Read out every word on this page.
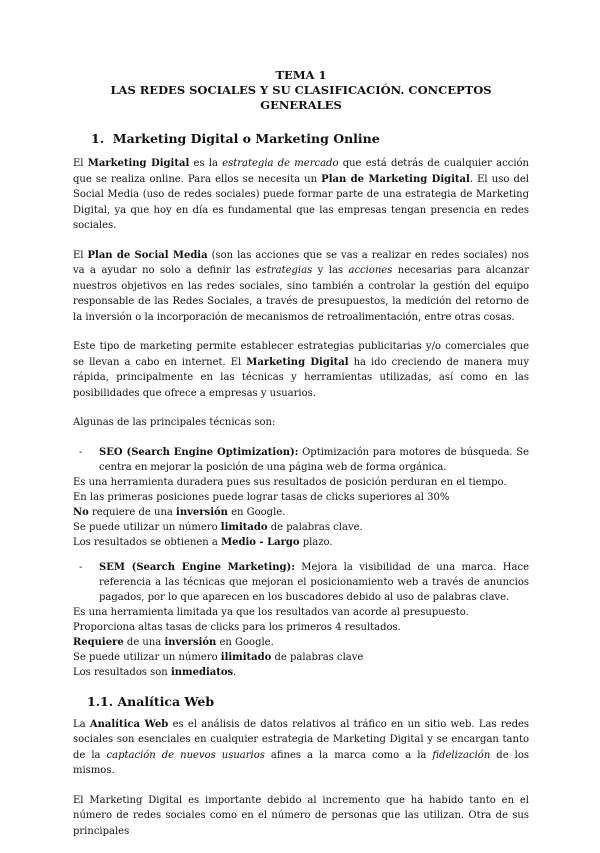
TEMA 1

LAS REDES SOCIALES Y SU CLASIFICACIÓN. CONCEPTOS GENERALES

1. Marketing Digital o Marketing Online

El Marketing Digital es la estrategia de mercado que está detrás de cualquier acción que se realiza online. Para ellos se necesita un Plan de Marketing Digital. El uso del Social Media (uso de redes sociales) puede formar parte de una estrategia de Marketing Digital, ya que hoy en día es fundamental que las empresas tengan presencia en redes sociales.

El Plan de Social Media (son las acciones que se vas a realizar en redes sociales) nos va a ayudar no solo a definir las estrategias y las acciones necesarias para alcanzar nuestros objetivos en las redes sociales, sino también a controlar la gestión del equipo responsable de las Redes Sociales, a través de presupuestos, la medición del retorno de la inversión o la incorporación de mecanismos de retroalimentación, entre otras cosas.

Este tipo de marketing permite establecer estrategias publicitarias y/o comerciales que se llevan a cabo en internet. El Marketing Digital ha ido creciendo de manera muy rápida, principalmente en las técnicas y herramientas utilizadas, así como en las posibilidades que ofrece a empresas y usuarios.

Algunas de las principales técnicas son:

-	SEO (Search Engine Optimization): Optimización para motores de búsqueda. Se centra en mejorar la posición de una página web de forma orgánica.

Es una herramienta duradera pues sus resultados de posición perduran en el tiempo.

En las primeras posiciones puede lograr tasas de clicks superiores al 30%

No requiere de una inversión en Google.

Se puede utilizar un número limitado de palabras clave.

Los resultados se obtienen a Medio - Largo plazo.

-	SEM (Search Engine Marketing): Mejora la visibilidad de una marca. Hace referencia a las técnicas que mejoran el posicionamiento web a través de anuncios pagados, por lo que aparecen en los buscadores debido al uso de palabras clave.

Es una herramienta limitada ya que los resultados van acorde al presupuesto.

Proporciona altas tasas de clicks para los primeros 4 resultados.

Requiere de una inversión en Google.

Se puede utilizar un número ilimitado de palabras clave

Los resultados son inmediatos.

1.1. Analítica Web

La Analítica Web es el análisis de datos relativos al tráfico en un sitio web. Las redes sociales son esenciales en cualquier estrategia de Marketing Digital y se encargan tanto de la captación de nuevos usuarios afines a la marca como a la fidelización de los mismos.

El Marketing Digital es importante debido al incremento que ha habido tanto en el número de redes sociales como en el número de personas que las utilizan. Otra de sus principales
